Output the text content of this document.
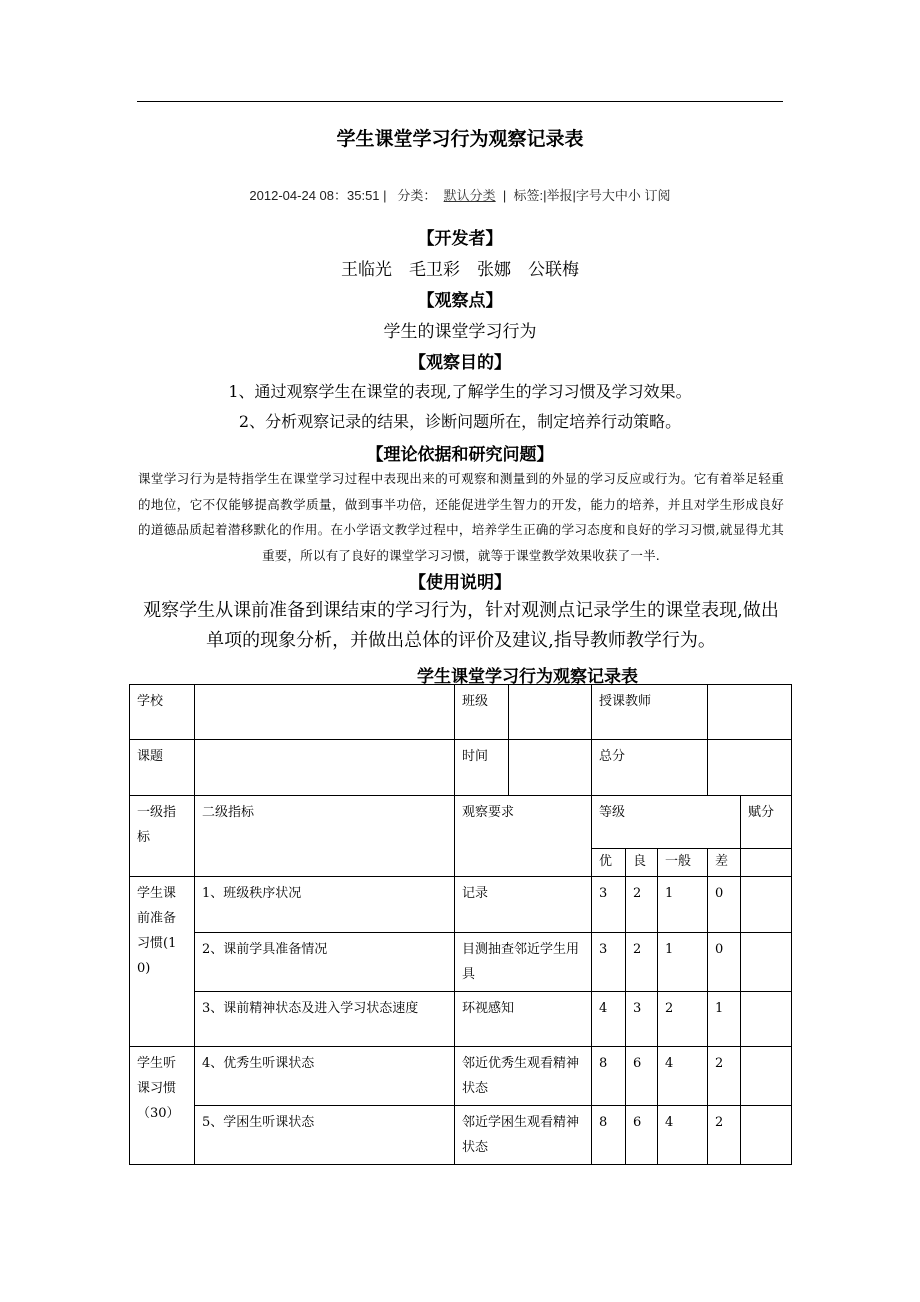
学生课堂学习行为观察记录表
2012-04-24 08：35:51 | 分类： 默认分类 | 标签:|举报|字号大中小 订阅
【开发者】
王临光　毛卫彩　张娜　公联梅
【观察点】
学生的课堂学习行为
【观察目的】
1、通过观察学生在课堂的表现,了解学生的学习习惯及学习效果。
2、分析观察记录的结果，诊断问题所在，制定培养行动策略。
【理论依据和研究问题】
课堂学习行为是特指学生在课堂学习过程中表现出来的可观察和测量到的外显的学习反应或行为。它有着举足轻重的地位，它不仅能够提高教学质量，做到事半功倍，还能促进学生智力的开发，能力的培养，并且对学生形成良好的道德品质起着潜移默化的作用。在小学语文教学过程中，培养学生正确的学习态度和良好的学习习惯,就显得尤其重要，所以有了良好的课堂学习习惯，就等于课堂教学效果收获了一半.
【使用说明】
观察学生从课前准备到课结束的学习行为，针对观测点记录学生的课堂表现,做出单项的现象分析，并做出总体的评价及建议,指导教师教学行为。
学生课堂学习行为观察记录表
学校		班级		授课教师				
课题		时间		总分				
一级指标	二级指标	观察要求		等级				赋分
				优	良	一般	差	
学生课前准备习惯(10)	1、班级秩序状况	记录		3	2	1	0	
	2、课前学具准备情况	目测抽查邻近学生用具		3	2	1	0	
	3、课前精神状态及进入学习状态速度	环视感知		4	3	2	1	
学生听课习惯（30）	4、优秀生听课状态	邻近优秀生观看精神状态		8	6	4	2	
	5、学困生听课状态	邻近学困生观看精神状态		8	6	4	2	
